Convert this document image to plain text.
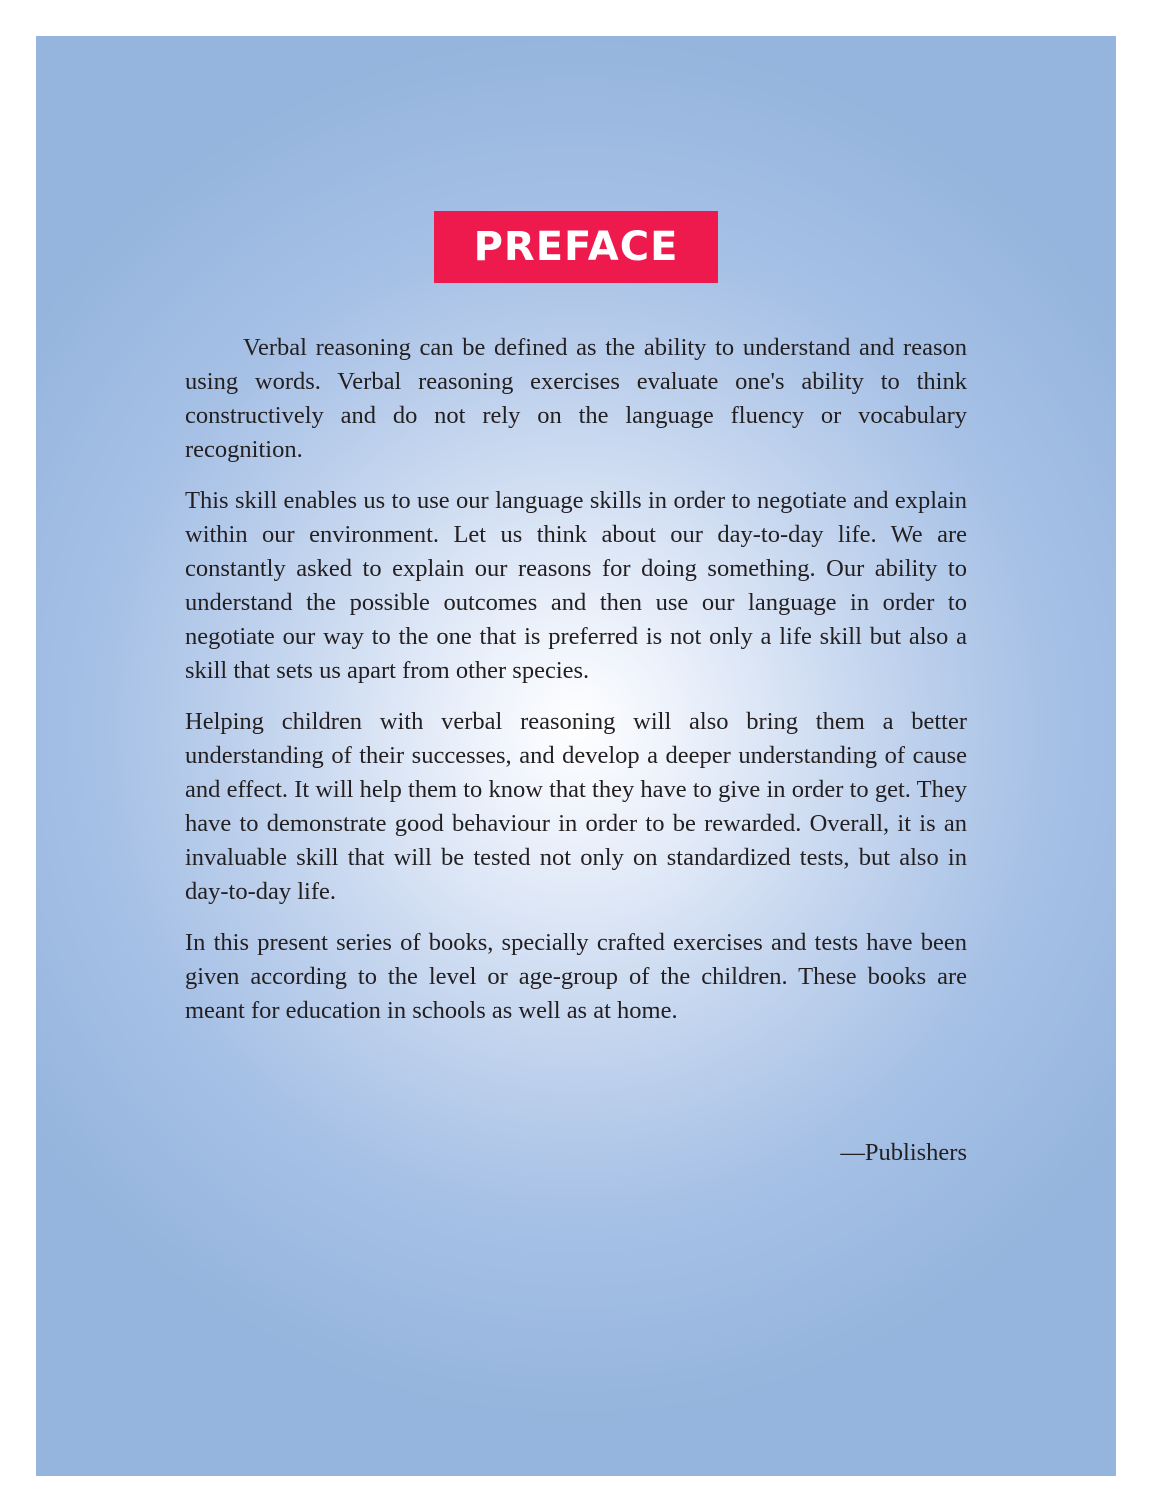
PREFACE

Verbal reasoning can be defined as the ability to understand and reason using words. Verbal reasoning exercises evaluate one's ability to think constructively and do not rely on the language fluency or vocabulary recognition.

This skill enables us to use our language skills in order to negotiate and explain within our environment. Let us think about our day-to-day life. We are constantly asked to explain our reasons for doing something. Our ability to understand the possible outcomes and then use our language in order to negotiate our way to the one that is preferred is not only a life skill but also a skill that sets us apart from other species.

Helping children with verbal reasoning will also bring them a better understanding of their successes, and develop a deeper understanding of cause and effect. It will help them to know that they have to give in order to get. They have to demonstrate good behaviour in order to be rewarded. Overall, it is an invaluable skill that will be tested not only on standardized tests, but also in day-to-day life.

In this present series of books, specially crafted exercises and tests have been given according to the level or age-group of the children. These books are meant for education in schools as well as at home.

—Publishers
